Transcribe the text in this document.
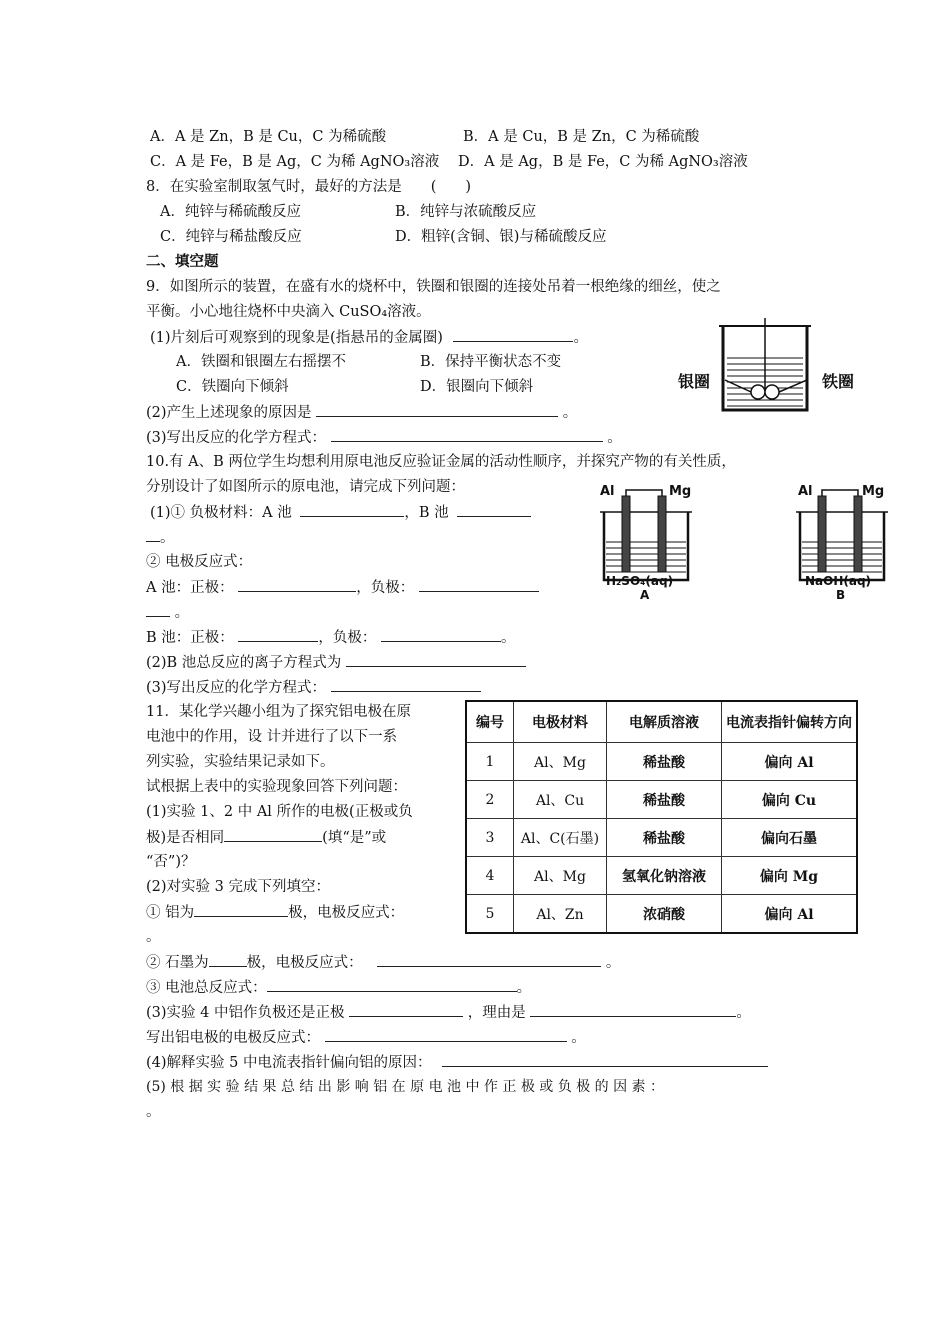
A．A 是 Zn，B 是 Cu，C 为稀硫酸	B．A 是 Cu，B 是 Zn，C 为稀硫酸
C．A 是 Fe，B 是 Ag，C 为稀 AgNO₃溶液 D．A 是 Ag，B 是 Fe，C 为稀 AgNO₃溶液
8．在实验室制取氢气时，最好的方法是　　(　　)
A．纯锌与稀硫酸反应	B．纯锌与浓硫酸反应
C．纯锌与稀盐酸反应	D．粗锌(含铜、银)与稀硫酸反应
二、填空题
9．如图所示的装置，在盛有水的烧杯中，铁圈和银圈的连接处吊着一根绝缘的细丝，使之
平衡。小心地往烧杯中央滴入 CuSO₄溶液。
(1)片刻后可观察到的现象是(指悬吊的金属圈)	。
A．铁圈和银圈左右摇摆不	B．保持平衡状态不变
C．铁圈向下倾斜	D．银圈向下倾斜
(2)产生上述现象的原因是	。
(3)写出反应的化学方程式：	。
银圈	铁圈
10.有 A、B 两位学生均想利用原电池反应验证金属的活动性顺序，并探究产物的有关性质，
分别设计了如图所示的原电池，请完成下列问题：
(1)① 负极材料：A 池	，B 池
。
② 电极反应式：
A 池：正极：	，负极：
。
B 池：正极：	，负极：	。
(2)B 池总反应的离子方程式为
(3)写出反应的化学方程式：
Al	Mg
H₂SO₄(aq)
A
Al	Mg
NaOH(aq)
B
11．某化学兴趣小组为了探究铝电极在原
电池中的作用，设 计并进行了以下一系
列实验，实验结果记录如下。
试根据上表中的实验现象回答下列问题：
(1)实验 1、2 中 Al 所作的电极(正极或负
极)是否相同	(填“是”或
“否”)？
(2)对实验 3 完成下列填空：
① 铝为	极，电极反应式：
。
② 石墨为	极，电极反应式：	。
③ 电池总反应式：	。
(3)实验 4 中铝作负极还是正极	，理由是	。
写出铝电极的电极反应式：	。
(4)解释实验 5 中电流表指针偏向铝的原因：
(5) 根 据 实 验 结 果 总 结 出 影 响 铝 在 原 电 池 中 作 正 极 或 负 极 的 因 素 ：
。
编号	电极材料	电解质溶液	电流表指针偏转方向
1	Al、Mg	稀盐酸	偏向 Al
2	Al、Cu	稀盐酸	偏向 Cu
3	Al、C(石墨)	稀盐酸	偏向石墨
4	Al、Mg	氢氧化钠溶液	偏向 Mg
5	Al、Zn	浓硝酸	偏向 Al
